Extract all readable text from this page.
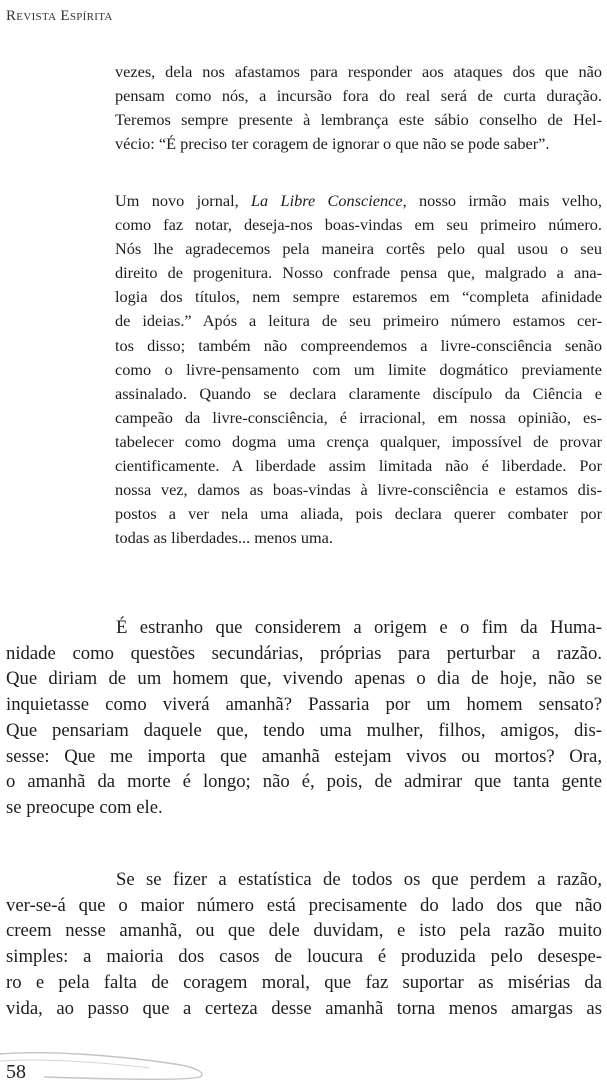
Revista Espírita
vezes, dela nos afastamos para responder aos ataques dos que não
pensam como nós, a incursão fora do real será de curta duração.
Teremos sempre presente à lembrança este sábio conselho de Hel-
vécio: “É preciso ter coragem de ignorar o que não se pode saber”.
Um novo jornal, La Libre Conscience, nosso irmão mais velho,
como faz notar, deseja-nos boas-vindas em seu primeiro número.
Nós lhe agradecemos pela maneira cortês pelo qual usou o seu
direito de progenitura. Nosso confrade pensa que, malgrado a ana-
logia dos títulos, nem sempre estaremos em “completa afinidade
de ideias.” Após a leitura de seu primeiro número estamos cer-
tos disso; também não compreendemos a livre-consciência senão
como o livre-pensamento com um limite dogmático previamente
assinalado. Quando se declara claramente discípulo da Ciência e
campeão da livre-consciência, é irracional, em nossa opinião, es-
tabelecer como dogma uma crença qualquer, impossível de provar
cientificamente. A liberdade assim limitada não é liberdade. Por
nossa vez, damos as boas-vindas à livre-consciência e estamos dis-
postos a ver nela uma aliada, pois declara querer combater por
todas as liberdades... menos uma.
É estranho que considerem a origem e o fim da Huma-
nidade como questões secundárias, próprias para perturbar a razão.
Que diriam de um homem que, vivendo apenas o dia de hoje, não se
inquietasse como viverá amanhã? Passaria por um homem sensato?
Que pensariam daquele que, tendo uma mulher, filhos, amigos, dis-
sesse: Que me importa que amanhã estejam vivos ou mortos? Ora,
o amanhã da morte é longo; não é, pois, de admirar que tanta gente
se preocupe com ele.
Se se fizer a estatística de todos os que perdem a razão,
ver-se-á que o maior número está precisamente do lado dos que não
creem nesse amanhã, ou que dele duvidam, e isto pela razão muito
simples: a maioria dos casos de loucura é produzida pelo desespe-
ro e pela falta de coragem moral, que faz suportar as misérias da
vida, ao passo que a certeza desse amanhã torna menos amargas as
58
